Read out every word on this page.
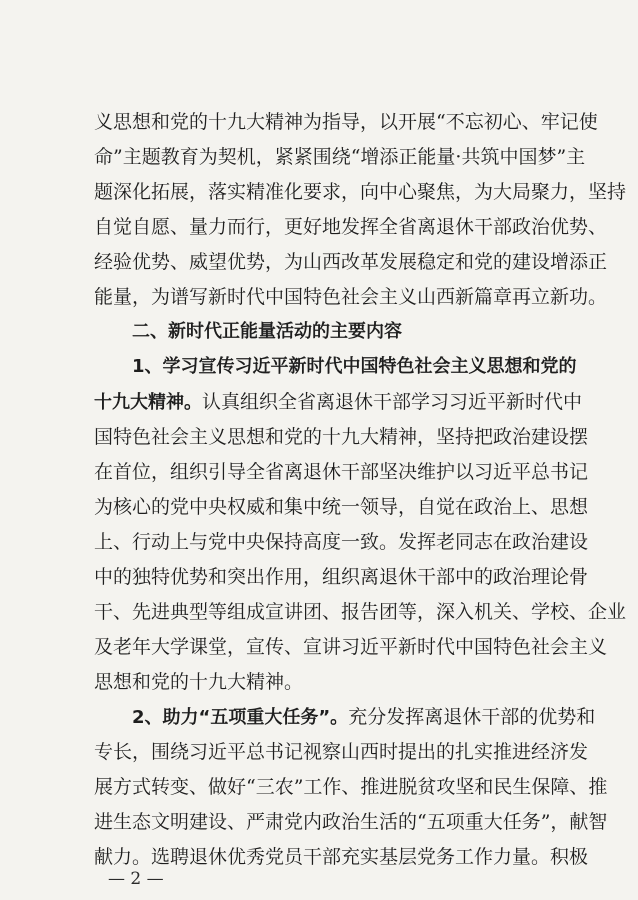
义思想和党的十九大精神为指导，以开展“不忘初心、牢记使
命”主题教育为契机，紧紧围绕“增添正能量·共筑中国梦”主
题深化拓展，落实精准化要求，向中心聚焦，为大局聚力，坚持
自觉自愿、量力而行，更好地发挥全省离退休干部政治优势、
经验优势、威望优势，为山西改革发展稳定和党的建设增添正
能量，为谱写新时代中国特色社会主义山西新篇章再立新功。
二、新时代正能量活动的主要内容
1、学习宣传习近平新时代中国特色社会主义思想和党的
十九大精神。认真组织全省离退休干部学习习近平新时代中
国特色社会主义思想和党的十九大精神，坚持把政治建设摆
在首位，组织引导全省离退休干部坚决维护以习近平总书记
为核心的党中央权威和集中统一领导，自觉在政治上、思想
上、行动上与党中央保持高度一致。发挥老同志在政治建设
中的独特优势和突出作用，组织离退休干部中的政治理论骨
干、先进典型等组成宣讲团、报告团等，深入机关、学校、企业
及老年大学课堂，宣传、宣讲习近平新时代中国特色社会主义
思想和党的十九大精神。
2、助力“五项重大任务”。充分发挥离退休干部的优势和
专长，围绕习近平总书记视察山西时提出的扎实推进经济发
展方式转变、做好“三农”工作、推进脱贫攻坚和民生保障、推
进生态文明建设、严肃党内政治生活的“五项重大任务”，献智
献力。选聘退休优秀党员干部充实基层党务工作力量。积极
— 2 —
